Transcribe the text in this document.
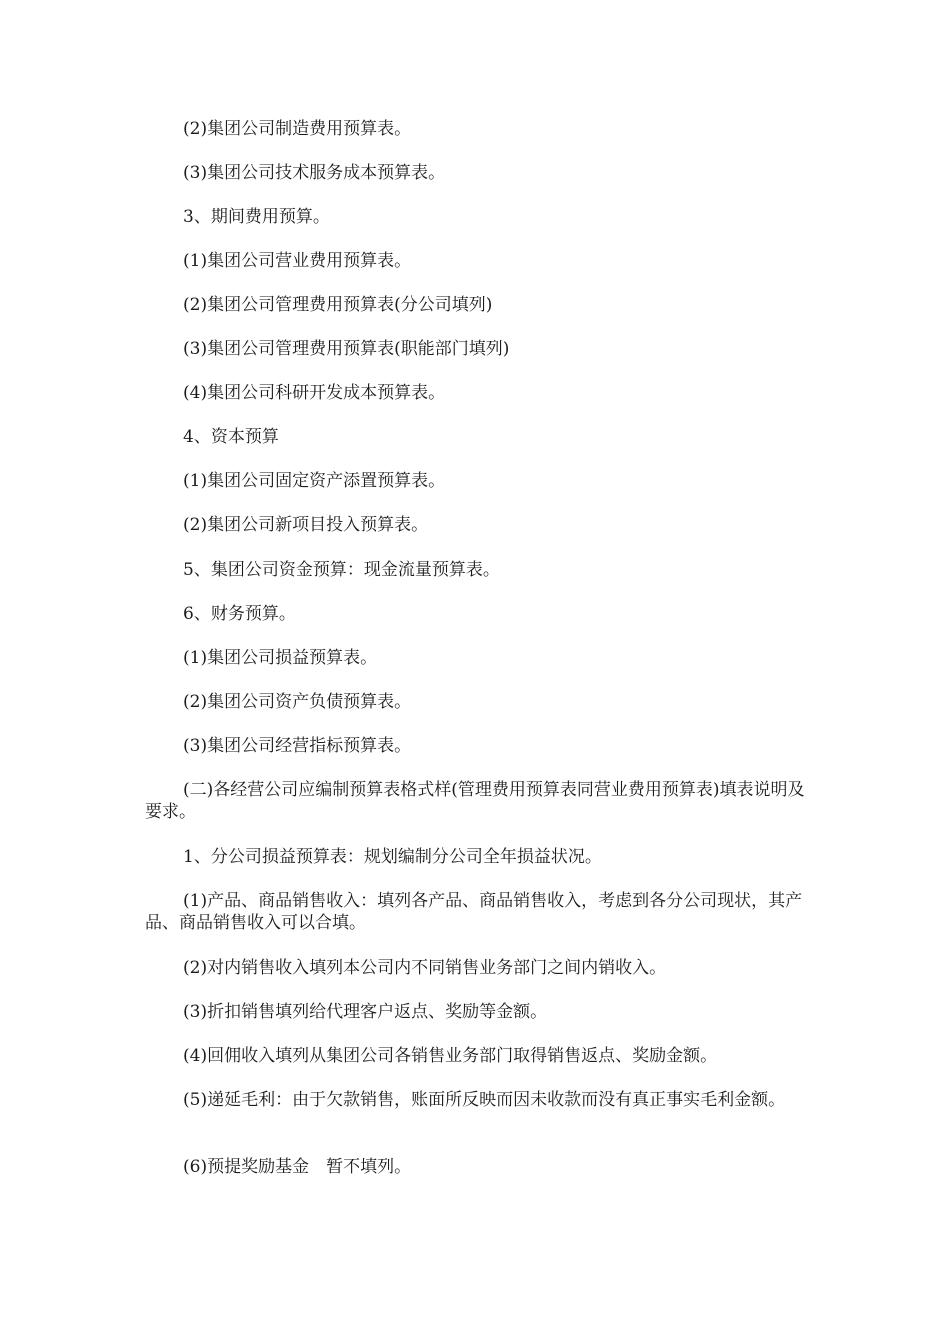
(2)集团公司制造费用预算表。

(3)集团公司技术服务成本预算表。

3、期间费用预算。

(1)集团公司营业费用预算表。

(2)集团公司管理费用预算表(分公司填列)

(3)集团公司管理费用预算表(职能部门填列)

(4)集团公司科研开发成本预算表。

4、资本预算

(1)集团公司固定资产添置预算表。

(2)集团公司新项目投入预算表。

5、集团公司资金预算：现金流量预算表。

6、财务预算。

(1)集团公司损益预算表。

(2)集团公司资产负债预算表。

(3)集团公司经营指标预算表。

(二)各经营公司应编制预算表格式样(管理费用预算表同营业费用预算表)填表说明及要求。

1、分公司损益预算表：规划编制分公司全年损益状况。

(1)产品、商品销售收入：填列各产品、商品销售收入，考虑到各分公司现状，其产品、商品销售收入可以合填。

(2)对内销售收入填列本公司内不同销售业务部门之间内销收入。

(3)折扣销售填列给代理客户返点、奖励等金额。

(4)回佣收入填列从集团公司各销售业务部门取得销售返点、奖励金额。

(5)递延毛利：由于欠款销售，账面所反映而因未收款而没有真正事实毛利金额。

(6)预提奖励基金　暂不填列。
